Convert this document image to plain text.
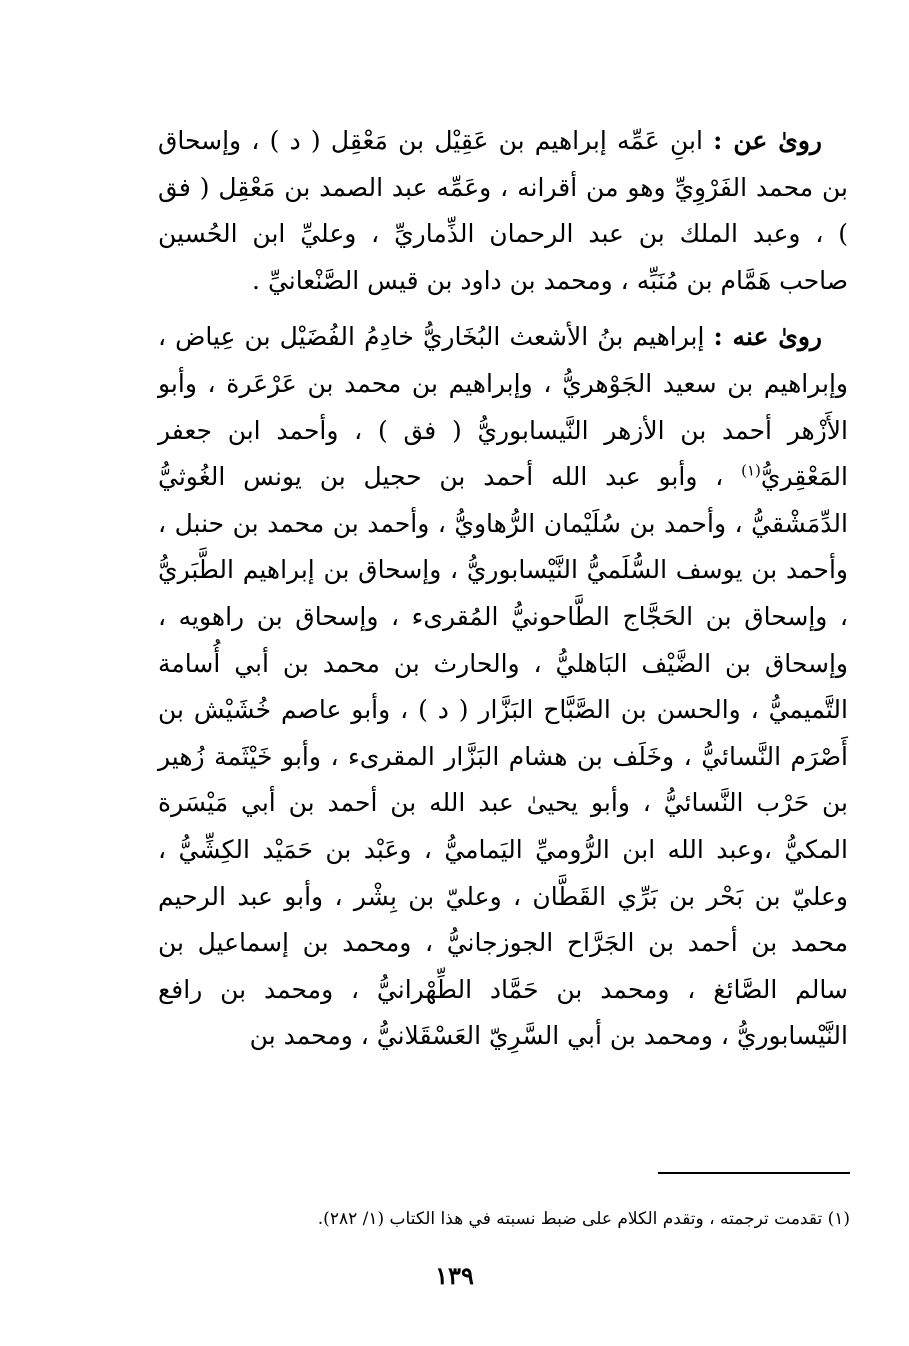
رویٰ عن : ابنِ عَمِّه إبراهيم بن عَقِيْل بن مَعْقِل ( د ) ، وإسحاق بن محمد الفَرْوِيِّ وهو من أقرانه ، وعَمِّه عبد الصمد بن مَعْقِل ( فق ) ، وعبد الملك بن عبد الرحمان الذِّماريِّ ، وعليِّ ابن الحُسين صاحب هَمَّام بن مُنَبِّه ، ومحمد بن داود بن قيس الصَّنْعانيِّ .

رویٰ عنه : إبراهيم بنُ الأشعث البُخَاريُّ خادِمُ الفُضَيْل بن عِياض ، وإبراهيم بن سعيد الجَوْهريُّ ، وإبراهيم بن محمد بن عَرْعَرة ، وأبو الأَزْهر أحمد بن الأزهر النَّيسابوريُّ ( فق ) ، وأحمد ابن جعفر المَعْقِريُّ$^{(١)}$ ، وأبو عبد الله أحمد بن حجيل بن يونس الغُوثيُّ الدِّمَشْقيُّ ، وأحمد بن سُلَيْمان الرُّهاويُّ ، وأحمد بن محمد بن حنبل ، وأحمد بن يوسف السُّلَميُّ النَّيْسابوريُّ ، وإسحاق بن إبراهيم الطَّبَريُّ ، وإسحاق بن الحَجَّاج الطَّاحونيُّ المُقرىء ، وإسحاق بن راهويه ، وإسحاق بن الضَّيْف البَاهليُّ ، والحارث بن محمد بن أبي أُسامة التَّميميُّ ، والحسن بن الصَّبَّاح البَزَّار ( د ) ، وأبو عاصم خُشَيْش بن أَصْرَم النَّسائيُّ ، وخَلَف بن هشام البَزَّار المقرىء ، وأبو خَيْثَمة زُهير بن حَرْب النَّسائيُّ ، وأبو يحيىٰ عبد الله بن أحمد بن أبي مَيْسَرة المكيُّ ،وعبد الله ابن الرُّوميِّ اليَماميُّ ، وعَبْد بن حَمَيْد الكِشِّيُّ ، وعليّ بن بَحْر بن بَرِّي القَطَّان ، وعليّ بن بِشْر ، وأبو عبد الرحيم محمد بن أحمد بن الجَرَّاح الجوزجانيُّ ، ومحمد بن إسماعيل بن سالم الصَّائغ ، ومحمد بن حَمَّاد الطِّهْرانيُّ ، ومحمد بن رافع النَّيْسابوريُّ ، ومحمد بن أبي السَّرِيّ العَسْقَلانيُّ ، ومحمد بن

(١) تقدمت ترجمته ، وتقدم الكلام على ضبط نسبته في هذا الكتاب (١/ ٢٨٢).
١٣٩
